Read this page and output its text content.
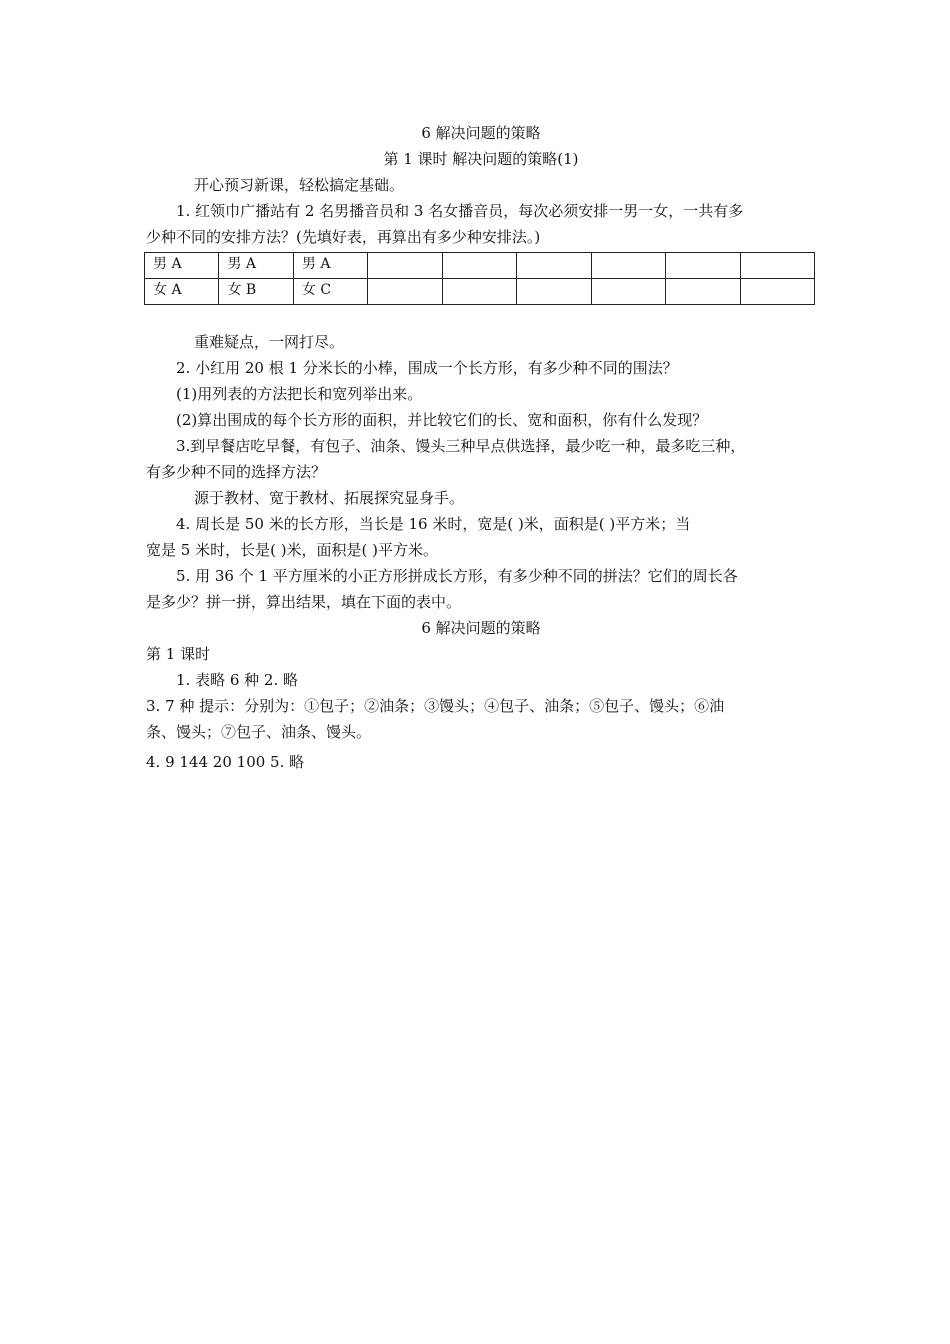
6 解决问题的策略

第 1 课时 解决问题的策略(1)

开心预习新课，轻松搞定基础。

1. 红领巾广播站有 2 名男播音员和 3 名女播音员，每次必须安排一男一女，一共有多

少种不同的安排方法？(先填好表，再算出有多少种安排法。)

男 A	男 A	男 A						
女 A	女 B	女 C						

重难疑点，一网打尽。

2. 小红用 20 根 1 分米长的小棒，围成一个长方形，有多少种不同的围法？

(1)用列表的方法把长和宽列举出来。

(2)算出围成的每个长方形的面积，并比较它们的长、宽和面积，你有什么发现？

3.到早餐店吃早餐，有包子、油条、馒头三种早点供选择，最少吃一种，最多吃三种，

有多少种不同的选择方法？

源于教材、宽于教材、拓展探究显身手。

4. 周长是 50 米的长方形，当长是 16 米时，宽是( )米，面积是( )平方米；当

宽是 5 米时，长是( )米，面积是( )平方米。

5. 用 36 个 1 平方厘米的小正方形拼成长方形，有多少种不同的拼法？它们的周长各

是多少？拼一拼，算出结果，填在下面的表中。

6 解决问题的策略

第 1 课时

1. 表略 6 种 2. 略

3. 7 种 提示：分别为：①包子；②油条；③馒头；④包子、油条；⑤包子、馒头；⑥油

条、馒头；⑦包子、油条、馒头。

4. 9 144 20 100 5. 略
